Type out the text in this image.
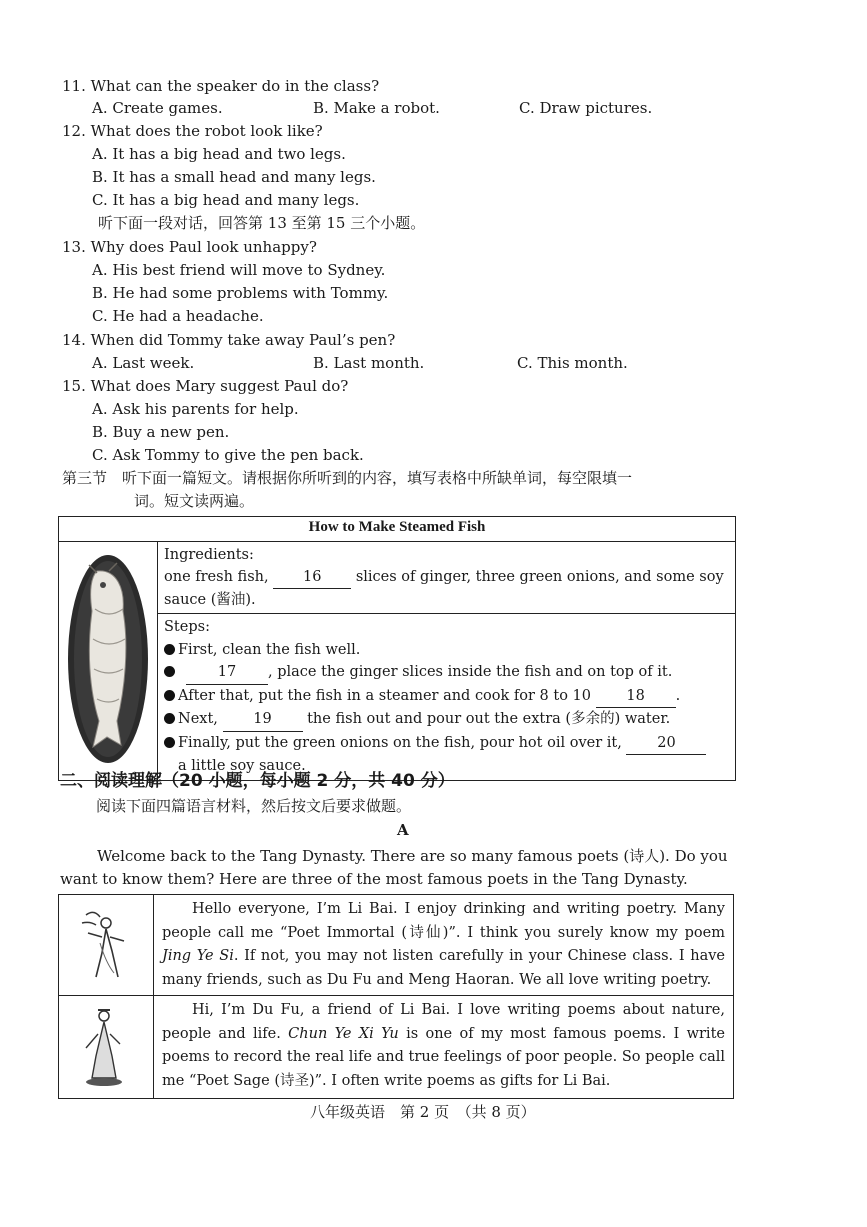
11. What can the speaker do in the class?
A. Create games.	B. Make a robot.	C. Draw pictures.
12. What does the robot look like?
A. It has a big head and two legs.
B. It has a small head and many legs.
C. It has a big head and many legs.
听下面一段对话，回答第 13 至第 15 三个小题。
13. Why does Paul look unhappy?
A. His best friend will move to Sydney.
B. He had some problems with Tommy.
C. He had a headache.
14. When did Tommy take away Paul’s pen?
A. Last week.	B. Last month.	C. This month.
15. What does Mary suggest Paul do?
A. Ask his parents for help.
B. Buy a new pen.
C. Ask Tommy to give the pen back.
第三节　听下面一篇短文。请根据你所听到的内容，填写表格中所缺单词，每空限填一
词。短文读两遍。
How to Make Steamed Fish

Ingredients:
one fresh fish, 16 slices of ginger, three green onions, and some soy
sauce (酱油).

Steps:
First, clean the fish well.
17 , place the ginger slices inside the fish and on top of it.
After that, put the fish in a steamer and cook for 8 to 10 18 .
Next, 19 the fish out and pour out the extra (多余的) water.
Finally, put the green onions on the fish, pour hot oil over it, 20
a little soy sauce.
二、阅读理解（20 小题，每小题 2 分，共 40 分）
阅读下面四篇语言材料，然后按文后要求做题。
A
Welcome back to the Tang Dynasty. There are so many famous poets (诗人). Do you
want to know them? Here are three of the most famous poets in the Tang Dynasty.
	Hello everyone, I’m Li Bai. I enjoy drinking and writing poetry. Many people call me “Poet Immortal (诗仙)”. I think you surely know my poem Jing Ye Si. If not, you may not listen carefully in your Chinese class. I have many friends, such as Du Fu and Meng Haoran. We all love writing poetry.
	Hi, I’m Du Fu, a friend of Li Bai. I love writing poems about nature, people and life. Chun Ye Xi Yu is one of my most famous poems. I write poems to record the real life and true feelings of poor people. So people call me “Poet Sage (诗圣)”. I often write poems as gifts for Li Bai.
八年级英语　第 2 页　（共 8 页）
